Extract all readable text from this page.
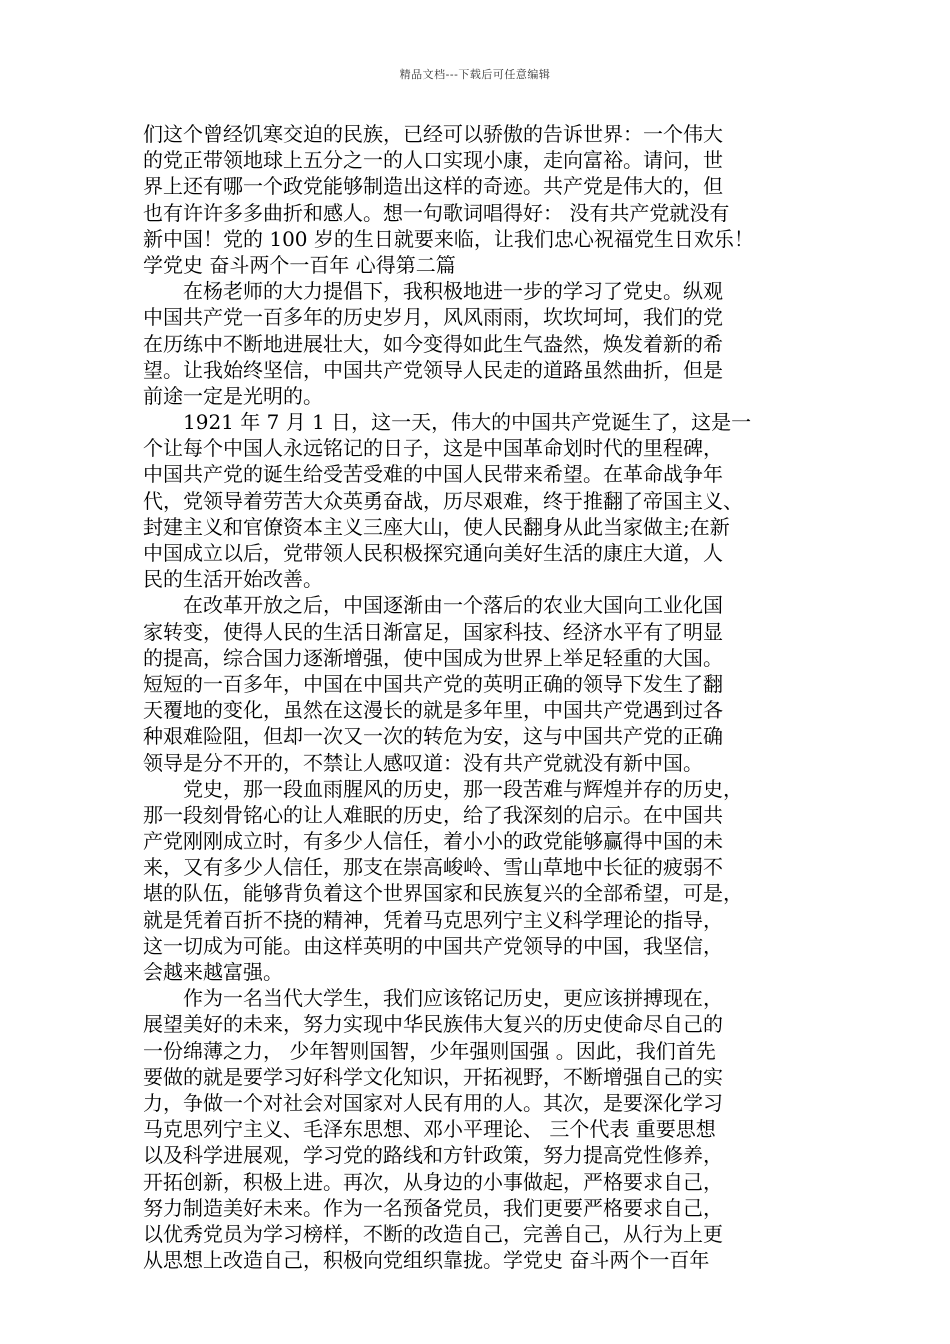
精品文档---下载后可任意编辑
们这个曾经饥寒交迫的民族，已经可以骄傲的告诉世界：一个伟大
的党正带领地球上五分之一的人口实现小康，走向富裕。请问，世
界上还有哪一个政党能够制造出这样的奇迹。共产党是伟大的，但
也有许许多多曲折和感人。想一句歌词唱得好： 没有共产党就没有
新中国！党的 100 岁的生日就要来临，让我们忠心祝福党生日欢乐！
学党史 奋斗两个一百年 心得第二篇
　　在杨老师的大力提倡下，我积极地进一步的学习了党史。纵观
中国共产党一百多年的历史岁月，风风雨雨，坎坎坷坷，我们的党
在历练中不断地进展壮大，如今变得如此生气盎然，焕发着新的希
望。让我始终坚信，中国共产党领导人民走的道路虽然曲折，但是
前途一定是光明的。
　　1921 年 7 月 1 日，这一天，伟大的中国共产党诞生了，这是一
个让每个中国人永远铭记的日子，这是中国革命划时代的里程碑，
中国共产党的诞生给受苦受难的中国人民带来希望。在革命战争年
代，党领导着劳苦大众英勇奋战，历尽艰难，终于推翻了帝国主义、
封建主义和官僚资本主义三座大山，使人民翻身从此当家做主;在新
中国成立以后，党带领人民积极探究通向美好生活的康庄大道，人
民的生活开始改善。
　　在改革开放之后，中国逐渐由一个落后的农业大国向工业化国
家转变，使得人民的生活日渐富足，国家科技、经济水平有了明显
的提高，综合国力逐渐增强，使中国成为世界上举足轻重的大国。
短短的一百多年，中国在中国共产党的英明正确的领导下发生了翻
天覆地的变化，虽然在这漫长的就是多年里，中国共产党遇到过各
种艰难险阻，但却一次又一次的转危为安，这与中国共产党的正确
领导是分不开的，不禁让人感叹道：没有共产党就没有新中国。
　　党史，那一段血雨腥风的历史，那一段苦难与辉煌并存的历史，
那一段刻骨铭心的让人难眠的历史，给了我深刻的启示。在中国共
产党刚刚成立时，有多少人信任，着小小的政党能够赢得中国的未
来，又有多少人信任，那支在崇高峻岭、雪山草地中长征的疲弱不
堪的队伍，能够背负着这个世界国家和民族复兴的全部希望，可是，
就是凭着百折不挠的精神，凭着马克思列宁主义科学理论的指导，
这一切成为可能。由这样英明的中国共产党领导的中国，我坚信，
会越来越富强。
　　作为一名当代大学生，我们应该铭记历史，更应该拼搏现在，
展望美好的未来，努力实现中华民族伟大复兴的历史使命尽自己的
一份绵薄之力， 少年智则国智，少年强则国强 。因此，我们首先
要做的就是要学习好科学文化知识，开拓视野，不断增强自己的实
力，争做一个对社会对国家对人民有用的人。其次，是要深化学习
马克思列宁主义、毛泽东思想、邓小平理论、 三个代表 重要思想
以及科学进展观，学习党的路线和方针政策，努力提高党性修养，
开拓创新，积极上进。再次，从身边的小事做起，严格要求自己，
努力制造美好未来。作为一名预备党员，我们更要严格要求自己，
以优秀党员为学习榜样，不断的改造自己，完善自己，从行为上更
从思想上改造自己，积极向党组织靠拢。学党史 奋斗两个一百年
